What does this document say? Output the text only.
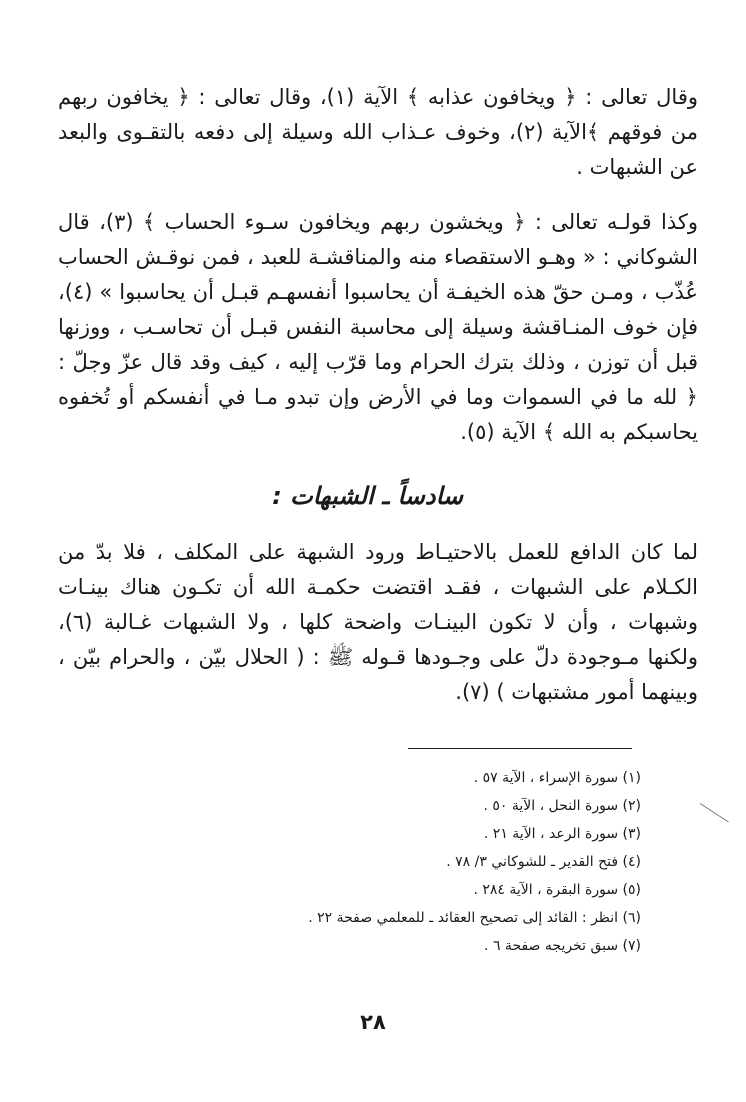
وقال تعالى : ﴿ ويخافون عذابه ﴾ الآية (١)، وقال تعالى : ﴿ يخافون ربهم من فوقهم ﴾الآية (٢)، وخوف عـذاب الله وسيلة إلى دفعه بالتقـوى والبعد عن الشبهات .

وكذا قولـه تعالى : ﴿ ويخشون ربهم ويخافون سـوء الحساب ﴾ (٣)، قال الشوكاني : « وهـو الاستقصاء منه والمناقشـة للعبد ، فمن نوقـش الحساب عُذّب ، ومـن حقّ هذه الخيفـة أن يحاسبوا أنفسهـم قبـل أن يحاسبوا » (٤)، فإن خوف المنـاقشة وسيلة إلى محاسبة النفس قبـل أن تحاسـب ، ووزنها قبل أن توزن ، وذلك بترك الحرام وما قرّب إليه ، كيف وقد قال عزّ وجلّ : ﴿ لله ما في السموات وما في الأرض وإن تبدو مـا في أنفسكم أو تُخفوه يحاسبكم به الله ﴾ الآية (٥).

سادساً ـ الشبهات :

لما كان الدافع للعمل بالاحتيـاط ورود الشبهة على المكلف ، فلا بدّ من الكـلام على الشبهات ، فقـد اقتضت حكمـة الله أن تكـون هناك بينـات وشبهات ، وأن لا تكون البينـات واضحة كلها ، ولا الشبهات غـالبة (٦)، ولكنها مـوجودة دلّ على وجـودها قـوله ﷺ : ( الحلال بيّن ، والحرام بيّن ، وبينهما أمور مشتبهات ) (٧).

(١) سورة الإسراء ، الآية ٥٧ .
(٢) سورة النحل ، الآية ٥٠ .
(٣) سورة الرعد ، الآية ٢١ .
(٤) فتح القدير ـ للشوكاني ٣/ ٧٨ .
(٥) سورة البقرة ، الآية ٢٨٤ .
(٦) انظر : القائد إلى تصحيح العقائد ـ للمعلمي صفحة ٢٢ .
(٧) سبق تخريجه صفحة ٦ .
٢٨
